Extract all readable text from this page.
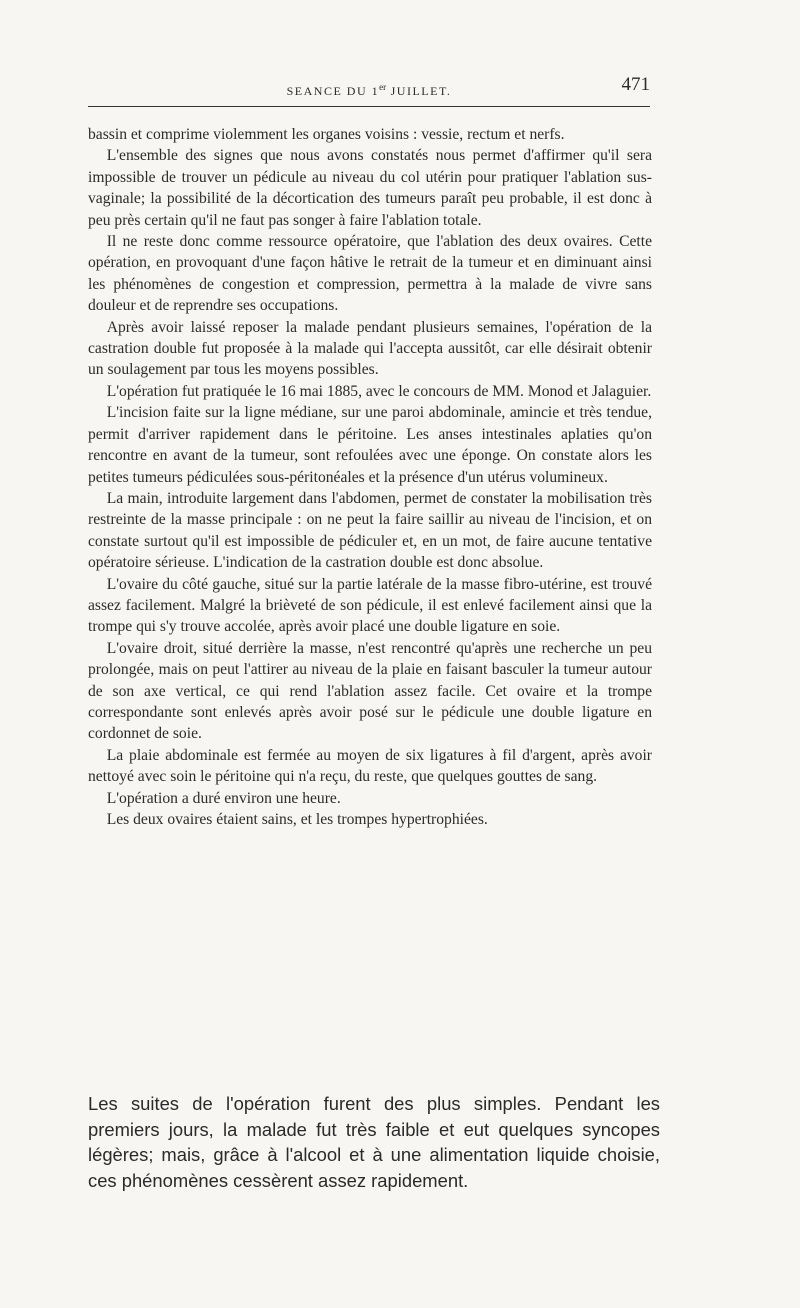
SEANCE DU 1er JUILLET.	471

bassin et comprime violemment les organes voisins : vessie, rectum et nerfs.

L'ensemble des signes que nous avons constatés nous permet d'affirmer qu'il sera impossible de trouver un pédicule au niveau du col utérin pour pratiquer l'ablation sus-vaginale; la possibilité de la décortication des tumeurs paraît peu probable, il est donc à peu près certain qu'il ne faut pas songer à faire l'ablation totale.

Il ne reste donc comme ressource opératoire, que l'ablation des deux ovaires. Cette opération, en provoquant d'une façon hâtive le retrait de la tumeur et en diminuant ainsi les phénomènes de congestion et compression, permettra à la malade de vivre sans douleur et de reprendre ses occupations.

Après avoir laissé reposer la malade pendant plusieurs semaines, l'opération de la castration double fut proposée à la malade qui l'accepta aussitôt, car elle désirait obtenir un soulagement par tous les moyens possibles.

L'opération fut pratiquée le 16 mai 1885, avec le concours de MM. Monod et Jalaguier.

L'incision faite sur la ligne médiane, sur une paroi abdominale, amincie et très tendue, permit d'arriver rapidement dans le péritoine. Les anses intestinales aplaties qu'on rencontre en avant de la tumeur, sont refoulées avec une éponge. On constate alors les petites tumeurs pédiculées sous-péritonéales et la présence d'un utérus volumineux.

La main, introduite largement dans l'abdomen, permet de constater la mobilisation très restreinte de la masse principale : on ne peut la faire saillir au niveau de l'incision, et on constate surtout qu'il est impossible de pédiculer et, en un mot, de faire aucune tentative opératoire sérieuse. L'indication de la castration double est donc absolue.

L'ovaire du côté gauche, situé sur la partie latérale de la masse fibro-utérine, est trouvé assez facilement. Malgré la brièveté de son pédicule, il est enlevé facilement ainsi que la trompe qui s'y trouve accolée, après avoir placé une double ligature en soie.

L'ovaire droit, situé derrière la masse, n'est rencontré qu'après une recherche un peu prolongée, mais on peut l'attirer au niveau de la plaie en faisant basculer la tumeur autour de son axe vertical, ce qui rend l'ablation assez facile. Cet ovaire et la trompe correspondante sont enlevés après avoir posé sur le pédicule une double ligature en cordonnet de soie.

La plaie abdominale est fermée au moyen de six ligatures à fil d'argent, après avoir nettoyé avec soin le péritoine qui n'a reçu, du reste, que quelques gouttes de sang.

L'opération a duré environ une heure.

Les deux ovaires étaient sains, et les trompes hypertrophiées.

Les suites de l'opération furent des plus simples. Pendant les premiers jours, la malade fut très faible et eut quelques syncopes légères; mais, grâce à l'alcool et à une alimentation liquide choisie, ces phénomènes cessèrent assez rapidement.
